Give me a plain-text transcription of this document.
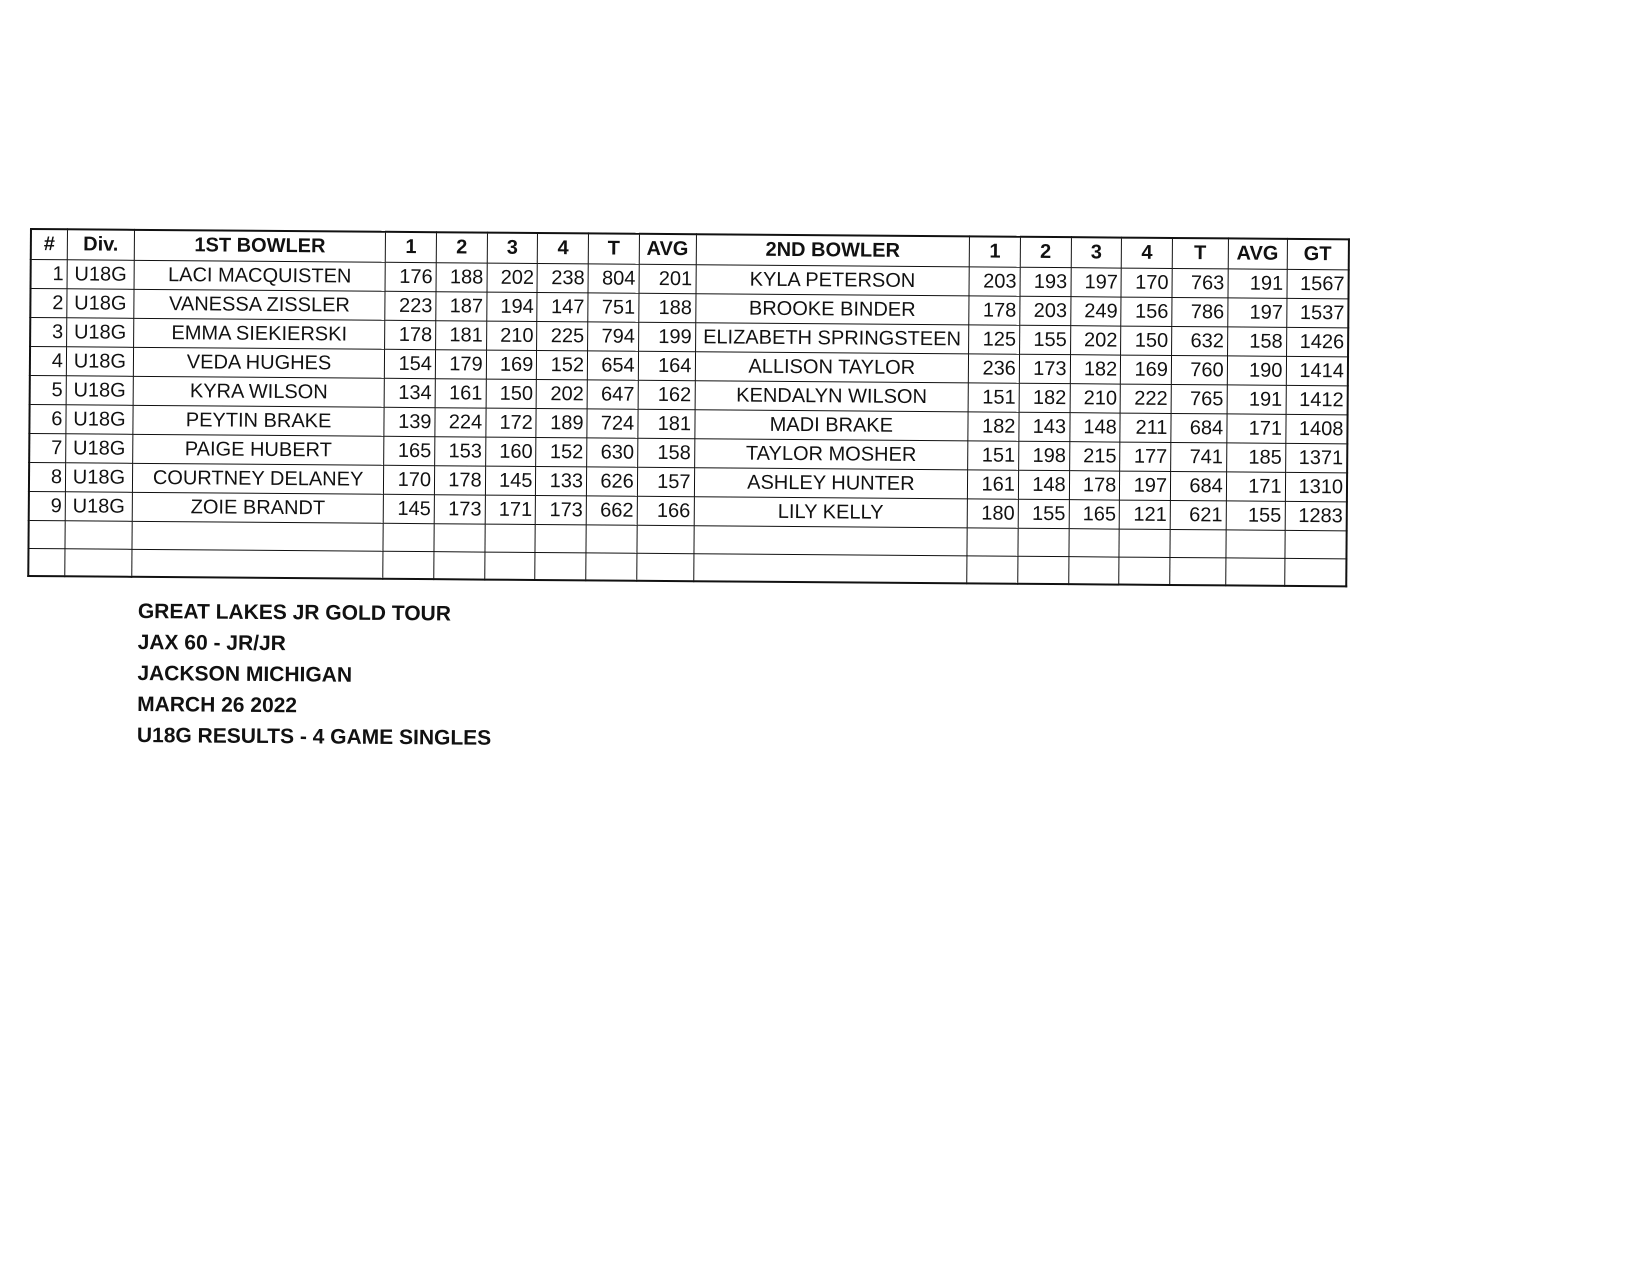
#	Div.	1ST BOWLER	1	2	3	4	T	AVG	2ND BOWLER	1	2	3	4	T	AVG	GT
1	U18G	LACI MACQUISTEN	176	188	202	238	804	201	KYLA PETERSON	203	193	197	170	763	191	1567
2	U18G	VANESSA ZISSLER	223	187	194	147	751	188	BROOKE BINDER	178	203	249	156	786	197	1537
3	U18G	EMMA SIEKIERSKI	178	181	210	225	794	199	ELIZABETH SPRINGSTEEN	125	155	202	150	632	158	1426
4	U18G	VEDA HUGHES	154	179	169	152	654	164	ALLISON TAYLOR	236	173	182	169	760	190	1414
5	U18G	KYRA WILSON	134	161	150	202	647	162	KENDALYN WILSON	151	182	210	222	765	191	1412
6	U18G	PEYTIN BRAKE	139	224	172	189	724	181	MADI BRAKE	182	143	148	211	684	171	1408
7	U18G	PAIGE HUBERT	165	153	160	152	630	158	TAYLOR MOSHER	151	198	215	177	741	185	1371
8	U18G	COURTNEY DELANEY	170	178	145	133	626	157	ASHLEY HUNTER	161	148	178	197	684	171	1310
9	U18G	ZOIE BRANDT	145	173	171	173	662	166	LILY KELLY	180	155	165	121	621	155	1283

GREAT LAKES JR GOLD TOUR
JAX 60 - JR/JR
JACKSON MICHIGAN
MARCH 26 2022
U18G RESULTS - 4 GAME SINGLES
